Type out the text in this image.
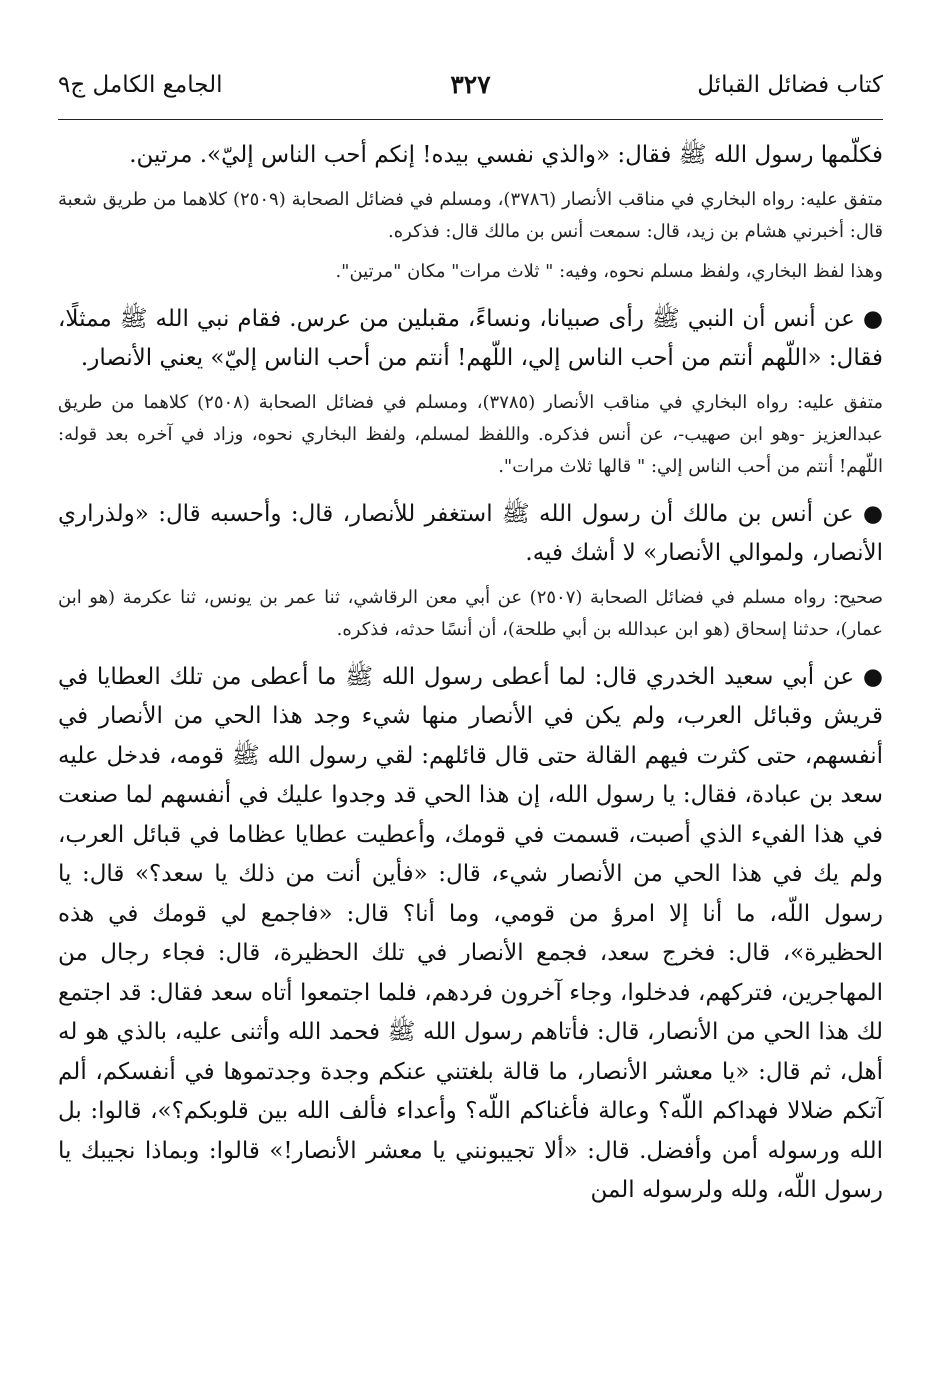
كتاب فضائل القبائل
٣٢٧
الجامع الكامل ج٩

فكلّمها رسول الله ﷺ فقال: «والذي نفسي بيده! إنكم أحب الناس إليّ». مرتين.

متفق عليه: رواه البخاري في مناقب الأنصار (٣٧٨٦)، ومسلم في فضائل الصحابة (٢٥٠٩) كلاهما من طريق شعبة قال: أخبرني هشام بن زيد، قال: سمعت أنس بن مالك قال: فذكره.

وهذا لفظ البخاري، ولفظ مسلم نحوه، وفيه: " ثلاث مرات" مكان "مرتين".

● عن أنس أن النبي ﷺ رأى صبيانا، ونساءً، مقبلين من عرس. فقام نبي الله ﷺ ممثلًا، فقال: «اللّهم أنتم من أحب الناس إلي، اللّهم! أنتم من أحب الناس إليّ» يعني الأنصار.

متفق عليه: رواه البخاري في مناقب الأنصار (٣٧٨٥)، ومسلم في فضائل الصحابة (٢٥٠٨) كلاهما من طريق عبدالعزيز -وهو ابن صهيب-، عن أنس فذكره. واللفظ لمسلم، ولفظ البخاري نحوه، وزاد في آخره بعد قوله: اللّهم! أنتم من أحب الناس إلي: " قالها ثلاث مرات".

● عن أنس بن مالك أن رسول الله ﷺ استغفر للأنصار، قال: وأحسبه قال: «ولذراري الأنصار، ولموالي الأنصار» لا أشك فيه.

صحيح: رواه مسلم في فضائل الصحابة (٢٥٠٧) عن أبي معن الرقاشي، ثنا عمر بن يونس، ثنا عكرمة (هو ابن عمار)، حدثنا إسحاق (هو ابن عبدالله بن أبي طلحة)، أن أنسًا حدثه، فذكره.

● عن أبي سعيد الخدري قال: لما أعطى رسول الله ﷺ ما أعطى من تلك العطايا في قريش وقبائل العرب، ولم يكن في الأنصار منها شيء وجد هذا الحي من الأنصار في أنفسهم، حتى كثرت فيهم القالة حتى قال قائلهم: لقي رسول الله ﷺ قومه، فدخل عليه سعد بن عبادة، فقال: يا رسول الله، إن هذا الحي قد وجدوا عليك في أنفسهم لما صنعت في هذا الفيء الذي أصبت، قسمت في قومك، وأعطيت عطايا عظاما في قبائل العرب، ولم يك في هذا الحي من الأنصار شيء، قال: «فأين أنت من ذلك يا سعد؟» قال: يا رسول اللّه، ما أنا إلا امرؤ من قومي، وما أنا؟ قال: «فاجمع لي قومك في هذه الحظيرة»، قال: فخرج سعد، فجمع الأنصار في تلك الحظيرة، قال: فجاء رجال من المهاجرين، فتركهم، فدخلوا، وجاء آخرون فردهم، فلما اجتمعوا أتاه سعد فقال: قد اجتمع لك هذا الحي من الأنصار، قال: فأتاهم رسول الله ﷺ فحمد الله وأثنى عليه، بالذي هو له أهل، ثم قال: «يا معشر الأنصار، ما قالة بلغتني عنكم وجدة وجدتموها في أنفسكم، ألم آتكم ضلالا فهداكم اللّه؟ وعالة فأغناكم اللّه؟ وأعداء فألف الله بين قلوبكم؟»، قالوا: بل الله ورسوله أمن وأفضل. قال: «ألا تجيبونني يا معشر الأنصار!» قالوا: وبماذا نجيبك يا رسول اللّه، ولله ولرسوله المن
